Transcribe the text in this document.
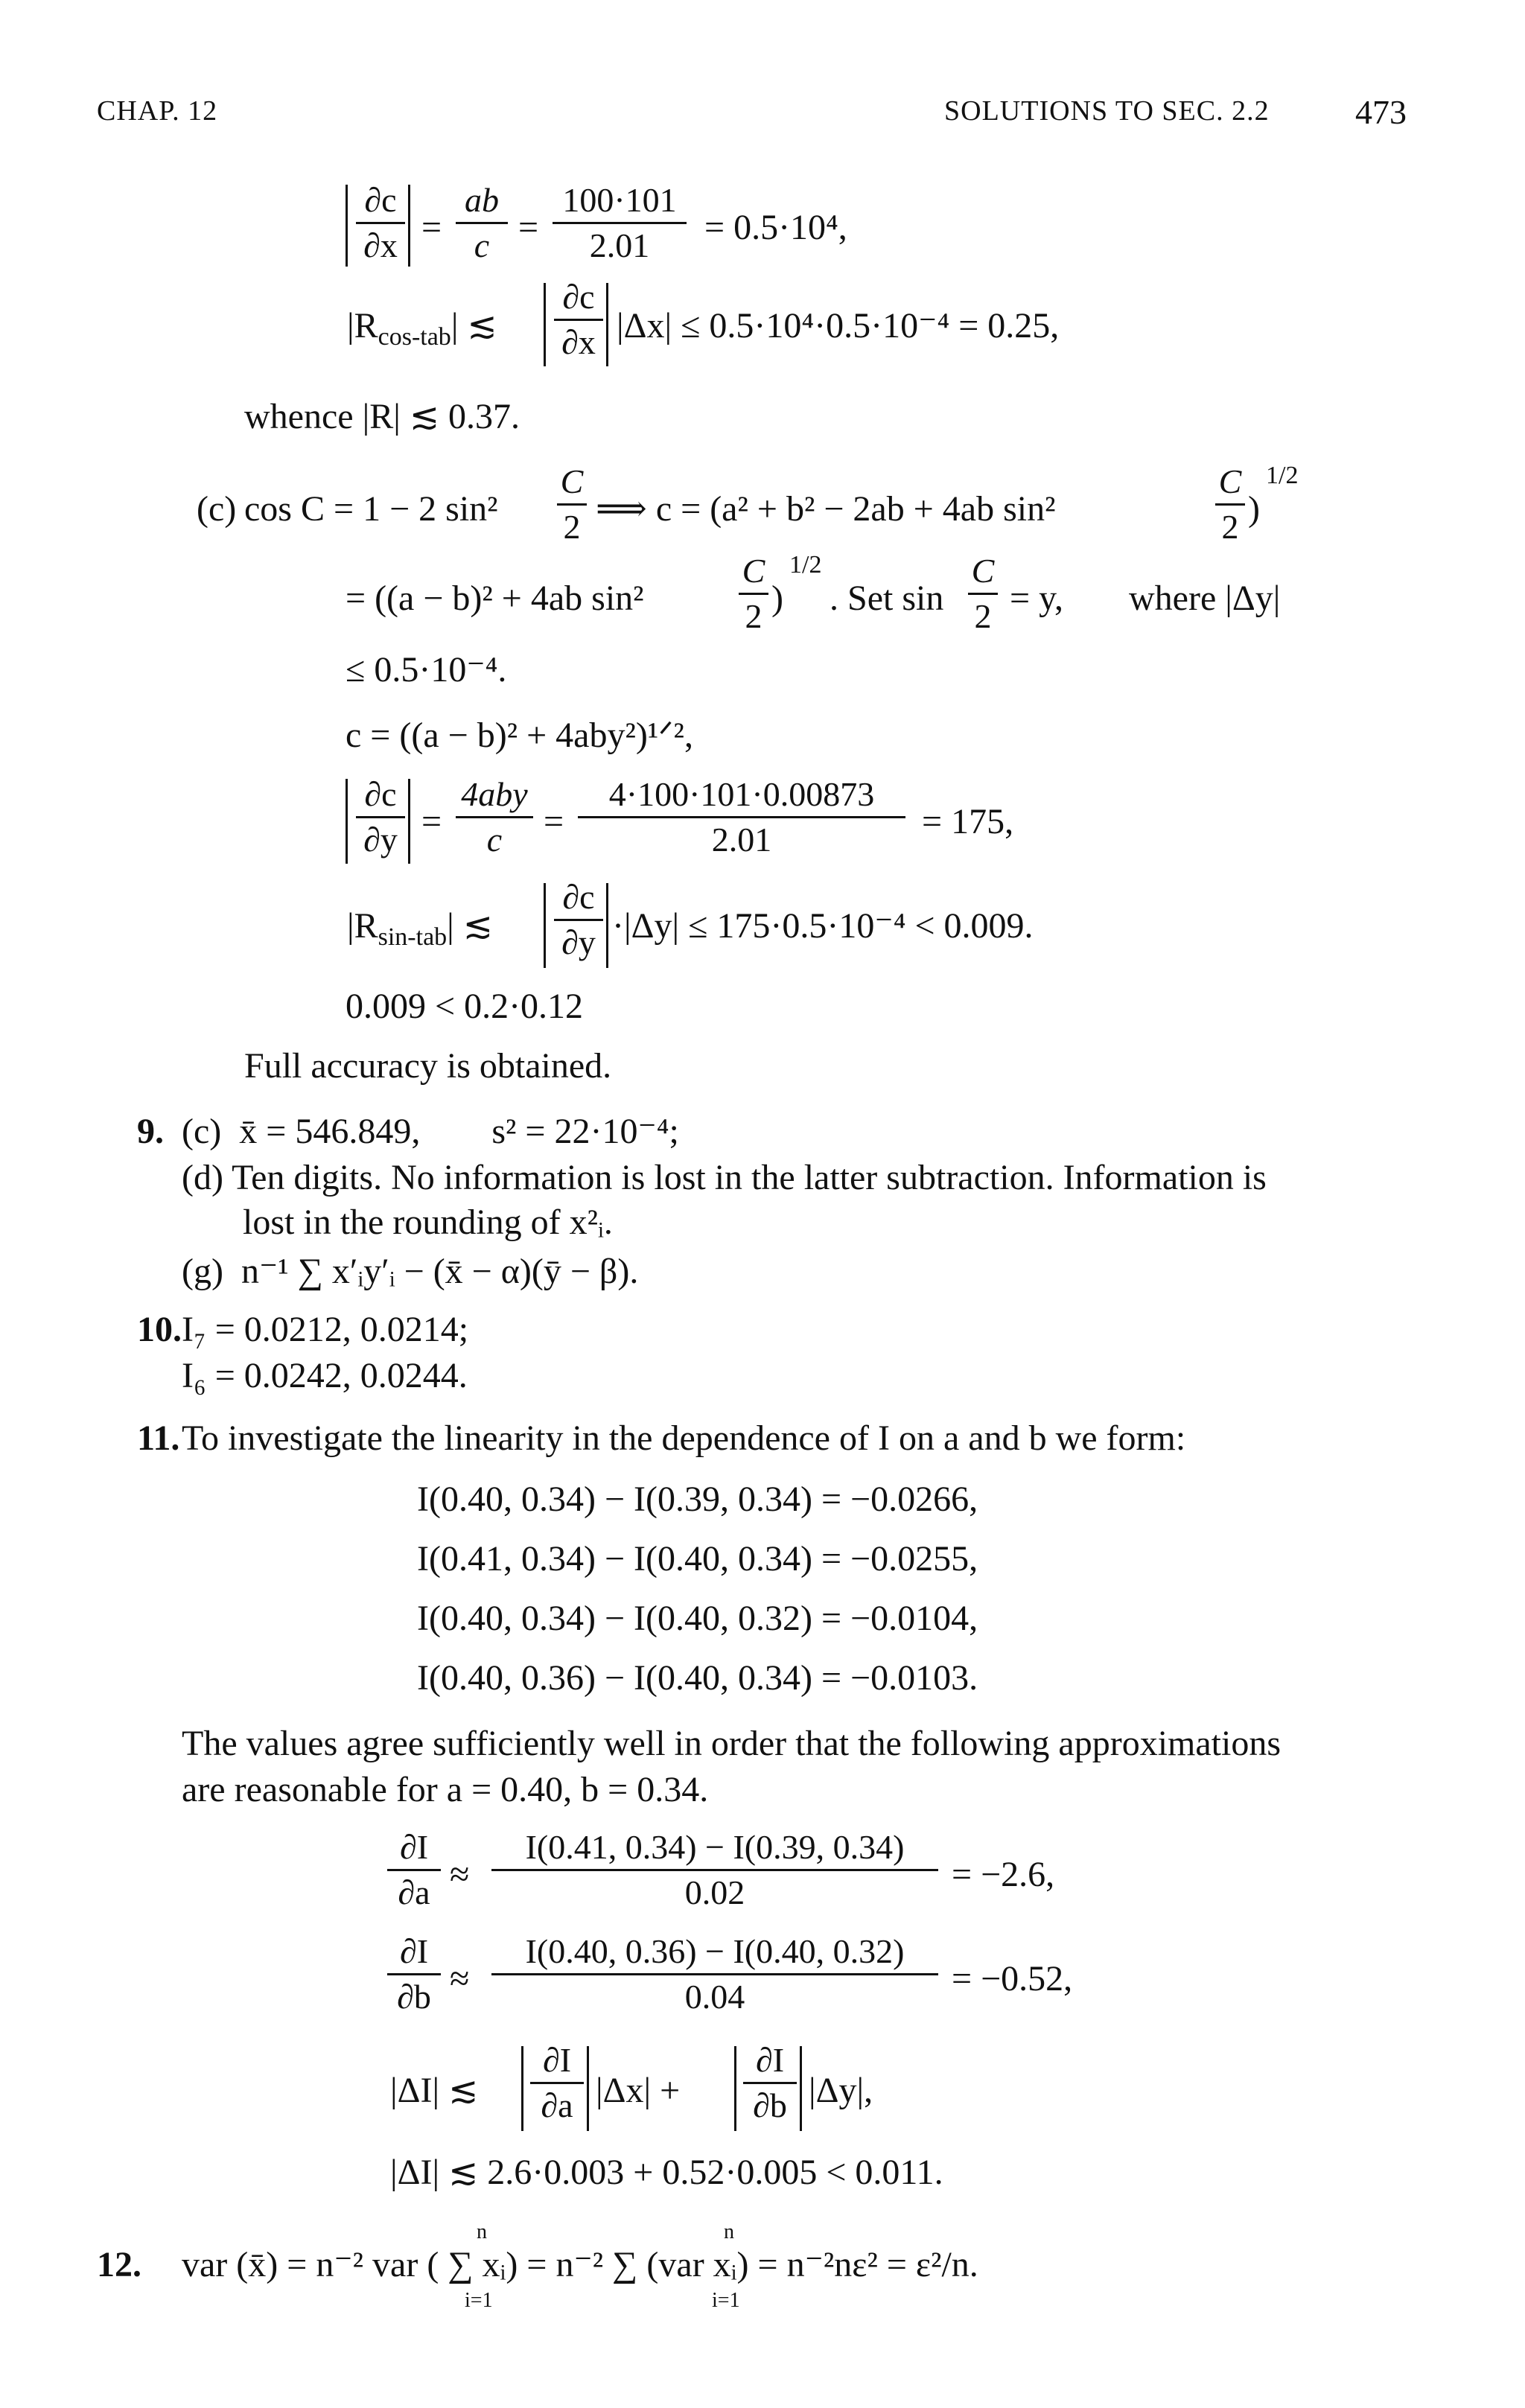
CHAP. 12	SOLUTIONS TO SEC. 2.2	473
∂c
∂x =
ab
c =
100·101
2.01	= 0.5·10⁴,
$|R_{cos-tab}|$ ≲
∂c
∂x |Δx| ≤ 0.5·10⁴·0.5·10⁻⁴ = 0.25,
whence |R| ≲ 0.37.
(c) cos C = 1 − 2 sin²
C
2 ⟹ c = (a² + b² − 2ab + 4ab sin²
C
2 )
1/2
= ((a − b)² + 4ab sin²
C
2 )
1/2
. Set sin
C
2 = y, where |Δy|
≤ 0.5·10⁻⁴.
c = ((a − b)² + 4aby²)¹ᐟ²,
∂c
∂y =
4aby
c	=
4·100·101·0.00873
2.01	= 175,
$|R_{sin-tab}|$ ≲
∂c
∂y ·|Δy| ≤ 175·0.5·10⁻⁴ < 0.009.
0.009 < 0.2·0.12
Full accuracy is obtained.
9. (c)  x̄ = 546.849,        s² = 22·10⁻⁴;
(d) Ten digits. No information is lost in the latter subtraction. Information is
lost in the rounding of x²ᵢ.
(g)  n⁻¹ ∑ x′ᵢy′ᵢ − (x̄ − α)(ȳ − β).
10. I₇ = 0.0212, 0.0214;
I₆ = 0.0242, 0.0244.
11. To investigate the linearity in the dependence of I on a and b we form:
I(0.40, 0.34) − I(0.39, 0.34) = −0.0266,
I(0.41, 0.34) − I(0.40, 0.34) = −0.0255,
I(0.40, 0.34) − I(0.40, 0.32) = −0.0104,
I(0.40, 0.36) − I(0.40, 0.34) = −0.0103.
The values agree sufficiently well in order that the following approximations
are reasonable for a = 0.40, b = 0.34.
∂I
∂a ≈
I(0.41, 0.34) − I(0.39, 0.34)
0.02	= −2.6,
∂I
∂b ≈
I(0.40, 0.36) − I(0.40, 0.32)
0.04	= −0.52,
|ΔI| ≲
∂I
∂a |Δx| +
∂I
∂b |Δy|,
|ΔI| ≲ 2.6·0.003 + 0.52·0.005 < 0.011.
12. var (x̄) = n⁻² var ( ∑ xᵢ) = n⁻² ∑ (var xᵢ) = n⁻²nε² = ε²/n.
n
i=1
n
i=1
